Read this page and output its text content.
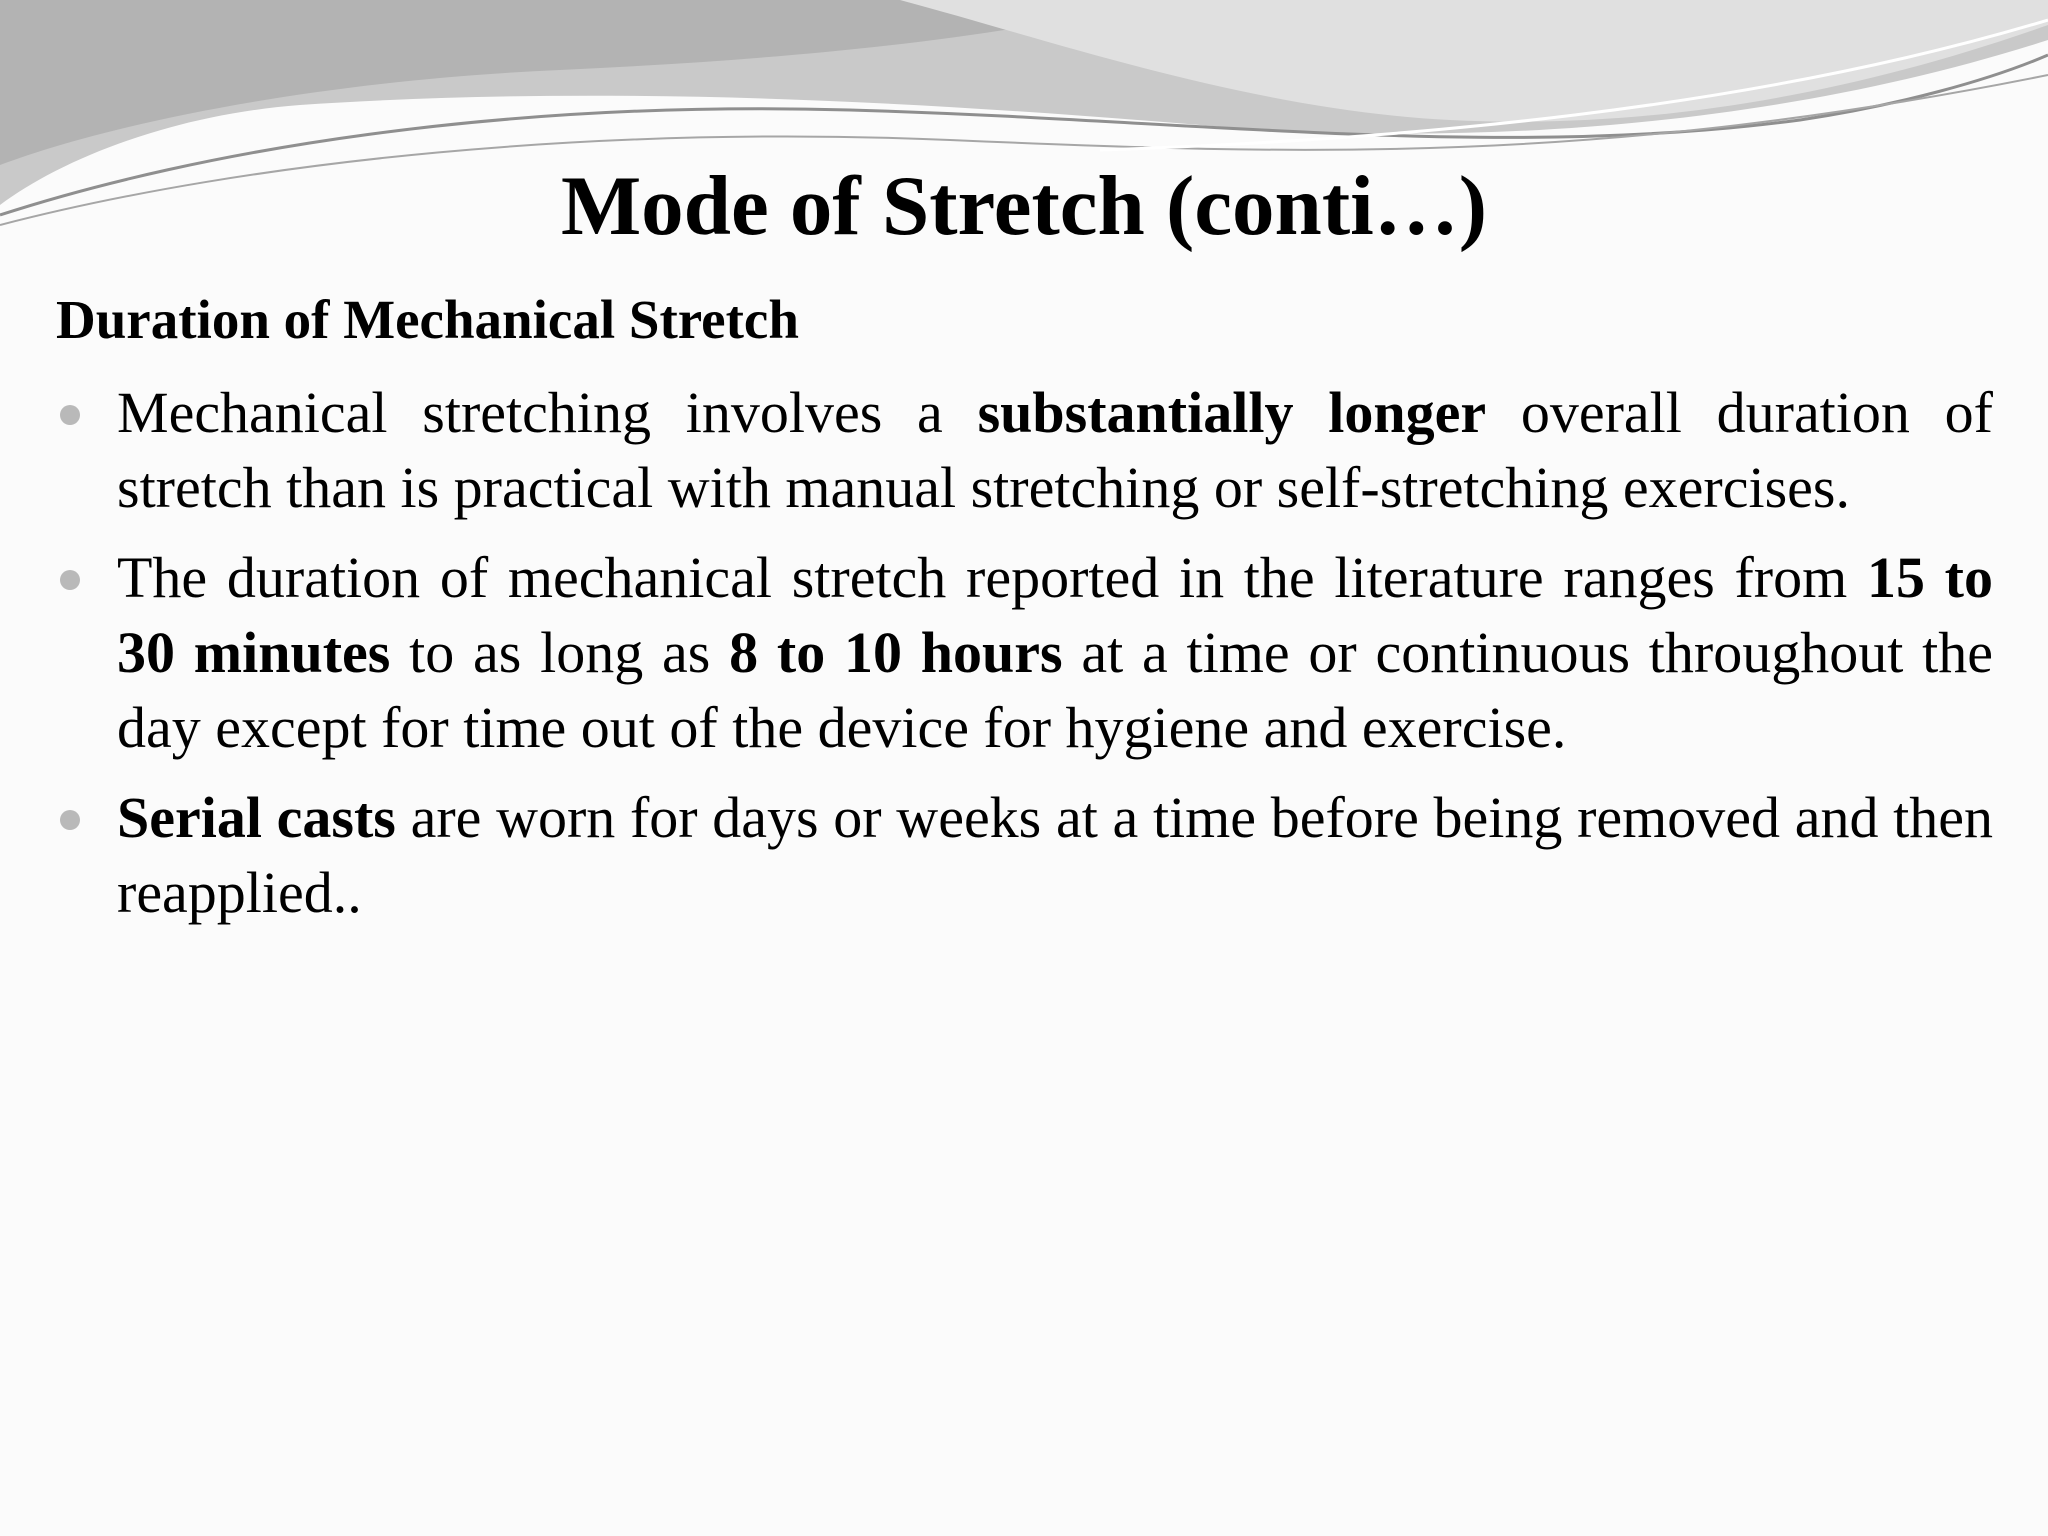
Mode of Stretch (conti…)
Duration of Mechanical Stretch
Mechanical stretching involves a substantially longer overall duration of stretch than is practical with manual stretching or self-stretching exercises.
The duration of mechanical stretch reported in the literature ranges from 15 to 30 minutes to as long as 8 to 10 hours at a time or continuous throughout the day except for time out of the device for hygiene and exercise.
Serial casts are worn for days or weeks at a time before being removed and then reapplied..
